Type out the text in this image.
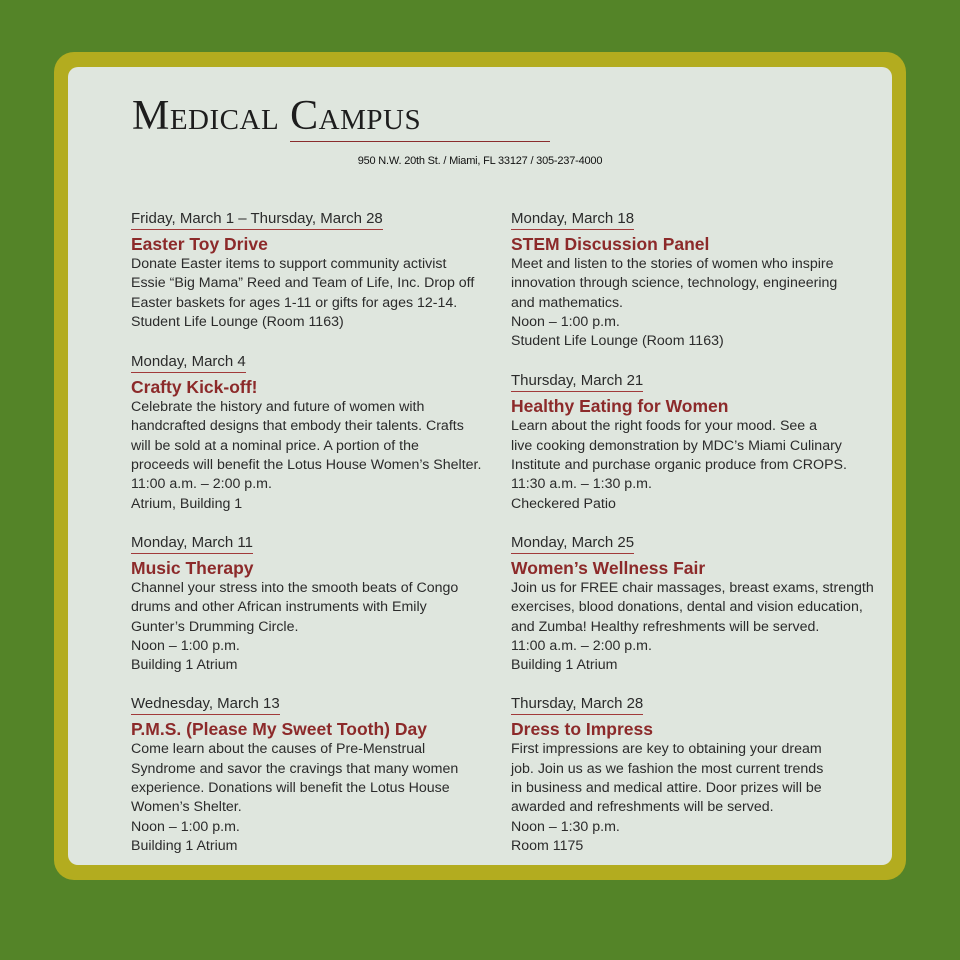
Medical Campus
950 N.W. 20th St. / Miami, FL 33127 / 305-237-4000
Friday, March 1 – Thursday, March 28
Easter Toy Drive
Donate Easter items to support community activist
Essie “Big Mama” Reed and Team of Life, Inc. Drop off
Easter baskets for ages 1-11 or gifts for ages 12-14.
Student Life Lounge (Room 1163)
Monday, March 4
Crafty Kick-off!
Celebrate the history and future of women with
handcrafted designs that embody their talents. Crafts
will be sold at a nominal price. A portion of the
proceeds will benefit the Lotus House Women’s Shelter.
11:00 a.m. – 2:00 p.m.
Atrium, Building 1
Monday, March 11
Music Therapy
Channel your stress into the smooth beats of Congo
drums and other African instruments with Emily
Gunter’s Drumming Circle.
Noon – 1:00 p.m.
Building 1 Atrium
Wednesday, March 13
P.M.S. (Please My Sweet Tooth) Day
Come learn about the causes of Pre-Menstrual
Syndrome and savor the cravings that many women
experience. Donations will benefit the Lotus House
Women’s Shelter.
Noon – 1:00 p.m.
Building 1 Atrium
Monday, March 18
STEM Discussion Panel
Meet and listen to the stories of women who inspire
innovation through science, technology, engineering
and mathematics.
Noon – 1:00 p.m.
Student Life Lounge (Room 1163)
Thursday, March 21
Healthy Eating for Women
Learn about the right foods for your mood. See a
live cooking demonstration by MDC’s Miami Culinary
Institute and purchase organic produce from CROPS.
11:30 a.m. – 1:30 p.m.
Checkered Patio
Monday, March 25
Women’s Wellness Fair
Join us for FREE chair massages, breast exams, strength
exercises, blood donations, dental and vision education,
and Zumba! Healthy refreshments will be served.
11:00 a.m. – 2:00 p.m.
Building 1 Atrium
Thursday, March 28
Dress to Impress
First impressions are key to obtaining your dream
job. Join us as we fashion the most current trends
in business and medical attire. Door prizes will be
awarded and refreshments will be served.
Noon – 1:30 p.m.
Room 1175
